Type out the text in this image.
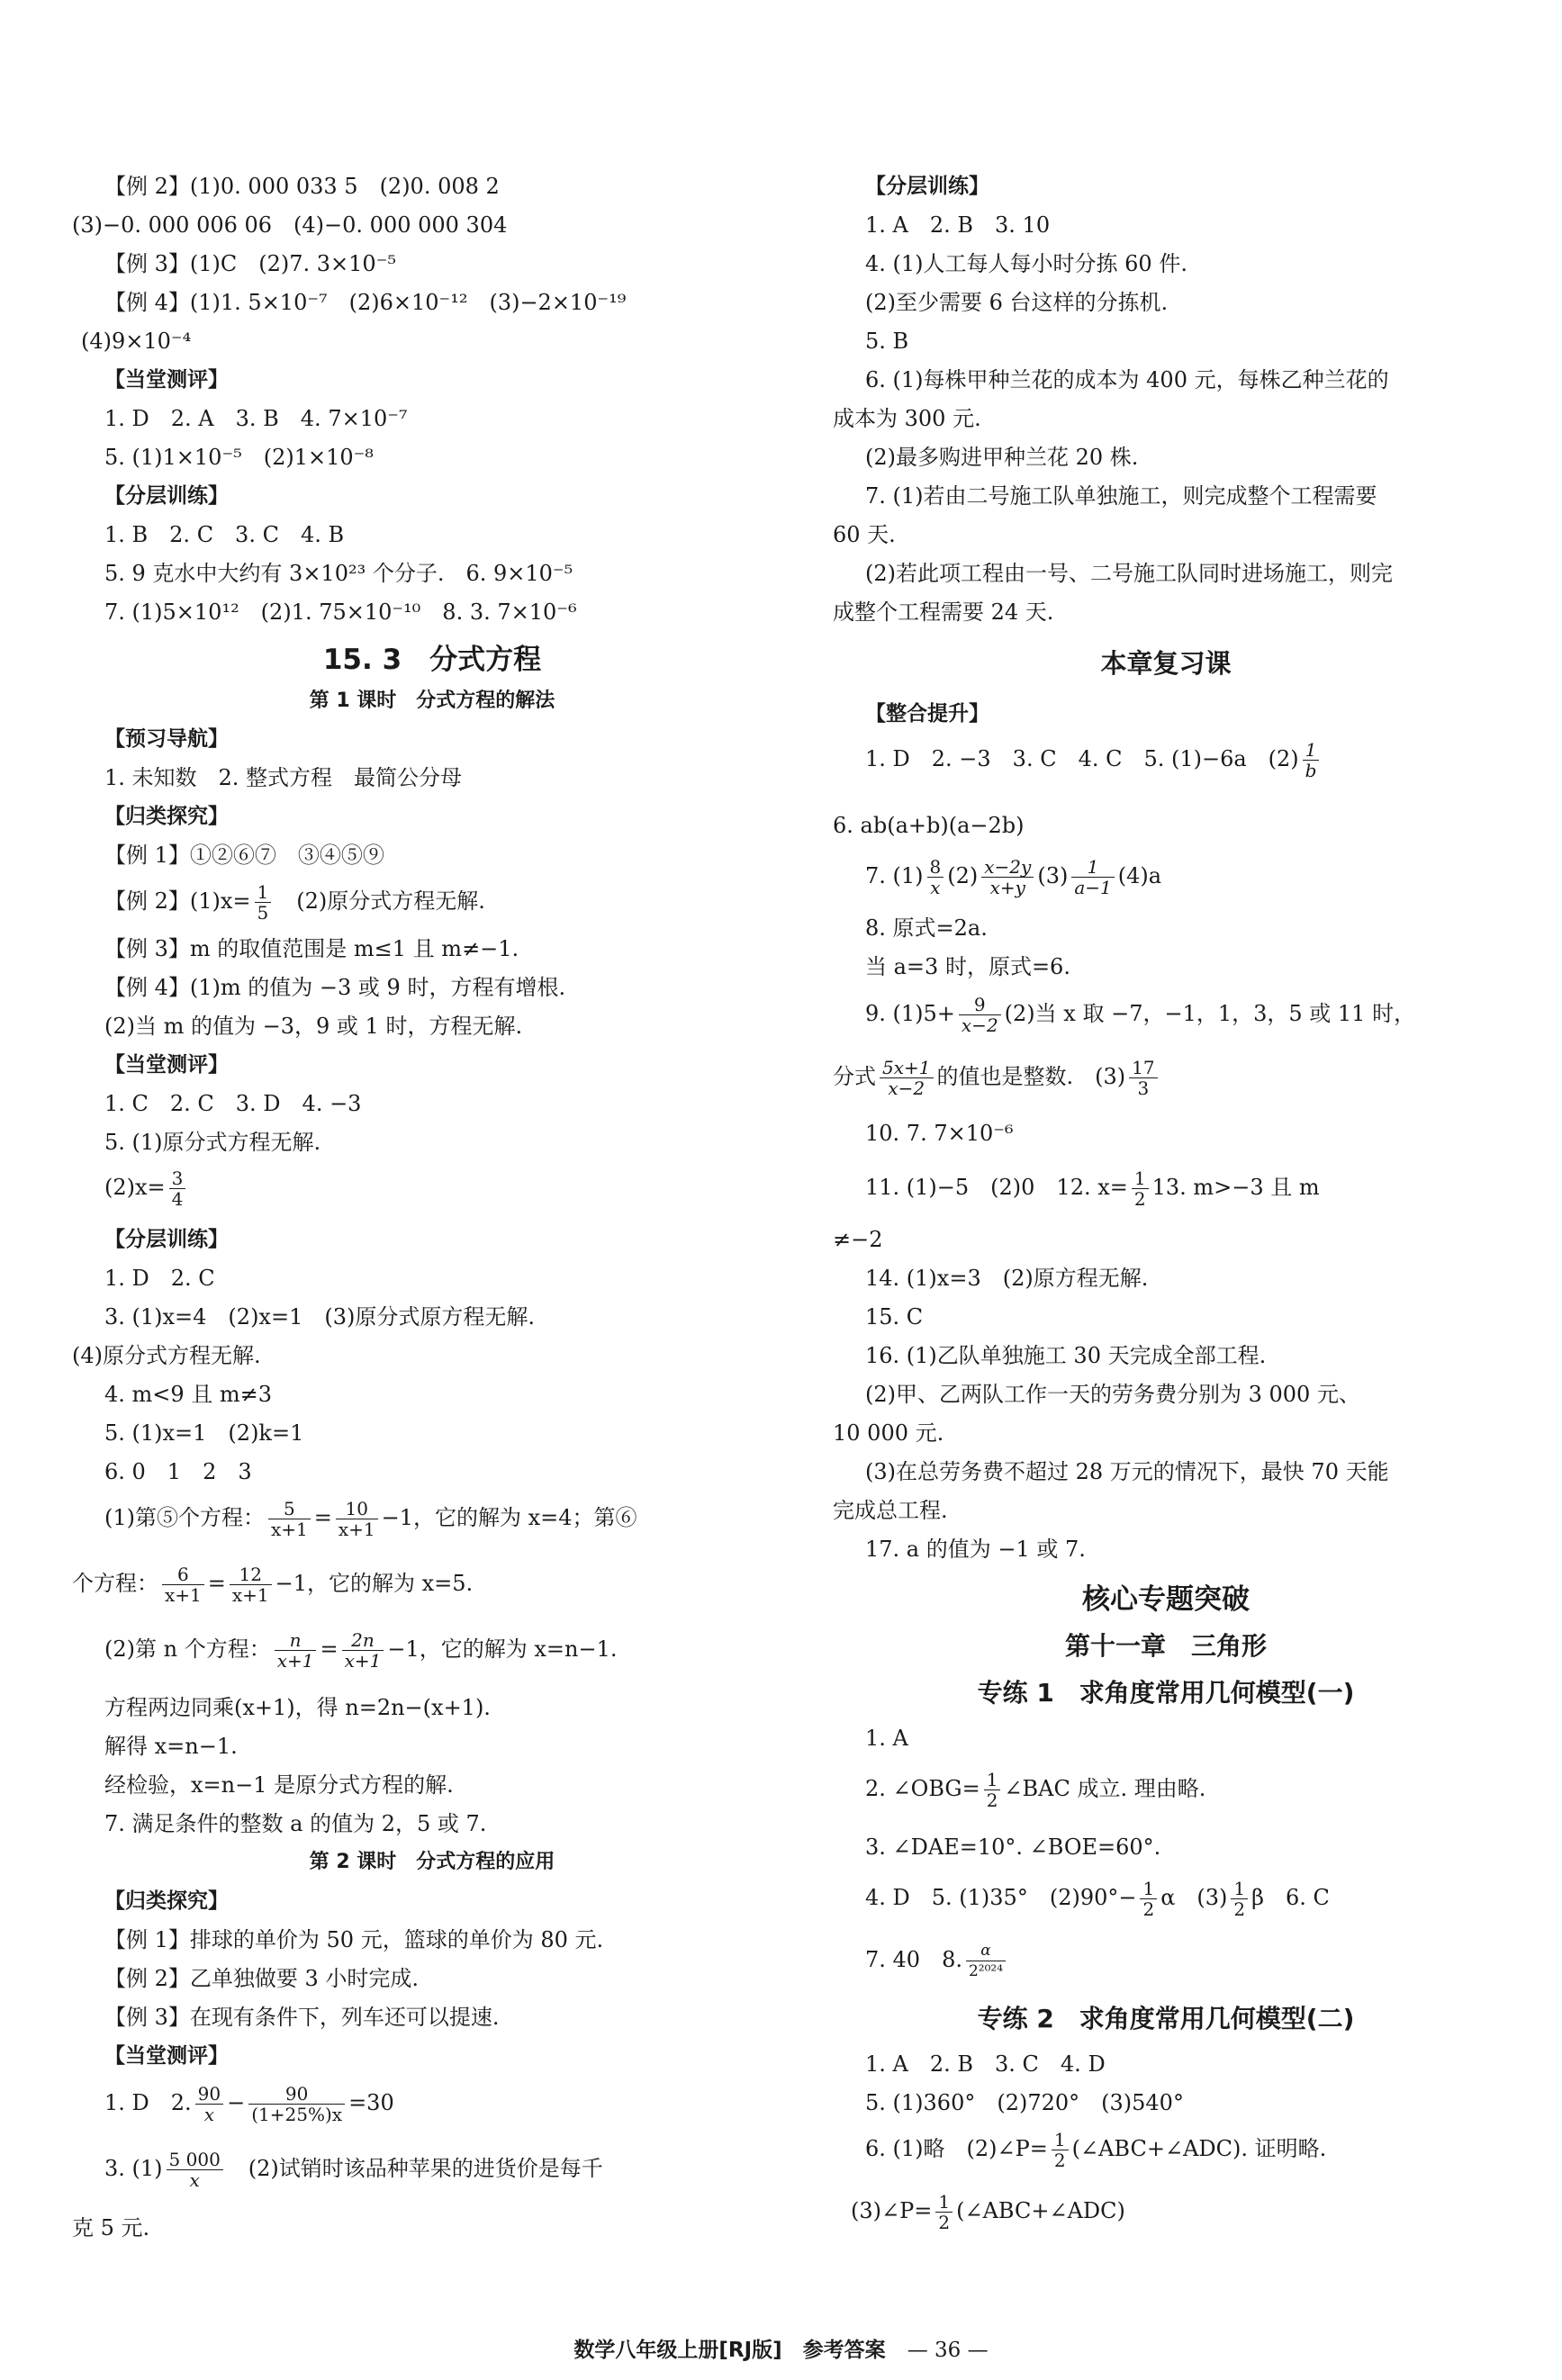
【例 2】(1)0. 000 033 5　(2)0. 008 2
(3)−0. 000 006 06　(4)−0. 000 000 304
【例 3】(1)C　(2)7. 3×10⁻⁵
【例 4】(1)1. 5×10⁻⁷　(2)6×10⁻¹²　(3)−2×10⁻¹⁹
(4)9×10⁻⁴
【当堂测评】
1. D　2. A　3. B　4. 7×10⁻⁷
5. (1)1×10⁻⁵　(2)1×10⁻⁸
【分层训练】
1. B　2. C　3. C　4. B
5. 9 克水中大约有 3×10²³ 个分子.　6. 9×10⁻⁵
7. (1)5×10¹²　(2)1. 75×10⁻¹⁰　8. 3. 7×10⁻⁶
15. 3　分式方程
第 1 课时　分式方程的解法
【预习导航】
1. 未知数　2. 整式方程　最简公分母
【归类探究】
【例 1】①②⑥⑦　③④⑤⑨
【例 2】$(1)x= \frac{1}{5}$ 　(2)原分式方程无解.
【例 3】m 的取值范围是 m≤1 且 m≠−1.
【例 4】(1)m 的值为 −3 或 9 时，方程有增根.
(2)当 m 的值为 −3，9 或 1 时，方程无解.
【当堂测评】
1. C　2. C　3. D　4. −3
5. (1)原分式方程无解.
$(2)x= \frac{3}{4}$
【分层训练】
1. D　2. C
3. (1)x=4　(2)x=1　(3)原分式原方程无解.
(4)原分式方程无解.
4. m<9 且 m≠3
5. (1)x=1　(2)k=1
6. 0　1　2　3
(1)第⑤个方程： $\frac{5}{x+1} = \frac{10}{x+1} -1$，它的解为 x=4；第⑥
个方程： $\frac{6}{x+1} = \frac{12}{x+1} -1$，它的解为 x=5.
(2)第 n 个方程： $\frac{n}{x+1} = \frac{2n}{x+1} -1$，它的解为 x=n−1.
方程两边同乘(x+1)，得 n=2n−(x+1).
解得 x=n−1.
经检验，x=n−1 是原分式方程的解.
7. 满足条件的整数 a 的值为 2，5 或 7.
第 2 课时　分式方程的应用
【归类探究】
【例 1】排球的单价为 50 元，篮球的单价为 80 元.
【例 2】乙单独做要 3 小时完成.
【例 3】在现有条件下，列车还可以提速.
【当堂测评】
1. D　2. $\frac{90}{x} - \frac{90}{(1+25\%)x} =30$
3. $(1) \frac{5 000}{x}$ 　(2)试销时该品种苹果的进货价是每千
克 5 元.
【分层训练】
1. A　2. B　3. 10
4. (1)人工每人每小时分拣 60 件.
(2)至少需要 6 台这样的分拣机.
5. B
6. (1)每株甲种兰花的成本为 400 元，每株乙种兰花的
成本为 300 元.
(2)最多购进甲种兰花 20 株.
7. (1)若由二号施工队单独施工，则完成整个工程需要
60 天.
(2)若此项工程由一号、二号施工队同时进场施工，则完
成整个工程需要 24 天.
本章复习课
【整合提升】
1. D　2. −3　3. C　4. C　5. (1)−6a　$(2) \frac{1}{b}$
6. ab(a+b)(a−2b)
7. $(1) \frac{8}{x} (2) \frac{x-2y}{x+y} (3) \frac{1}{a-1} (4)a$
8. 原式=2a.
当 a=3 时，原式=6.
9. $(1)5+ \frac{9}{x-2} (2)$当 x 取 −7，−1，1，3，5 或 11 时，
分式 $\frac{5x+1}{x-2}$ 的值也是整数.　$(3) \frac{17}{3}$
10. 7. 7×10⁻⁶
11. (1)−5　(2)0　12. $x= \frac{1}{2} 13$. m>−3 且 m
≠−2
14. (1)x=3　(2)原方程无解.
15. C
16. (1)乙队单独施工 30 天完成全部工程.
(2)甲、乙两队工作一天的劳务费分别为 3 000 元、
10 000 元.
(3)在总劳务费不超过 28 万元的情况下，最快 70 天能
完成总工程.
17. a 的值为 −1 或 7.
核心专题突破
第十一章　三角形
专练 1　求角度常用几何模型(一)
1. A
2. ∠OBG= $\frac{1}{2}$ ∠BAC 成立. 理由略.
3. ∠DAE=10°. ∠BOE=60°.
4. D　5. (1)35°　$(2)90^\circ- \frac{1}{2}$ α　$(3) \frac{1}{2}$ β　6. C
7. 40　8. $\frac{\alpha}{\text{2²⁰²⁴}}$
专练 2　求角度常用几何模型(二)
1. A　2. B　3. C　4. D
5. (1)360°　(2)720°　(3)540°
6. (1)略　(2)∠P= $\frac{1}{2}$ (∠ABC+∠ADC). 证明略.
(3)∠P= $\frac{1}{2}$ (∠ABC+∠ADC)
数学八年级上册[RJ版]　参考答案 — 36 —
